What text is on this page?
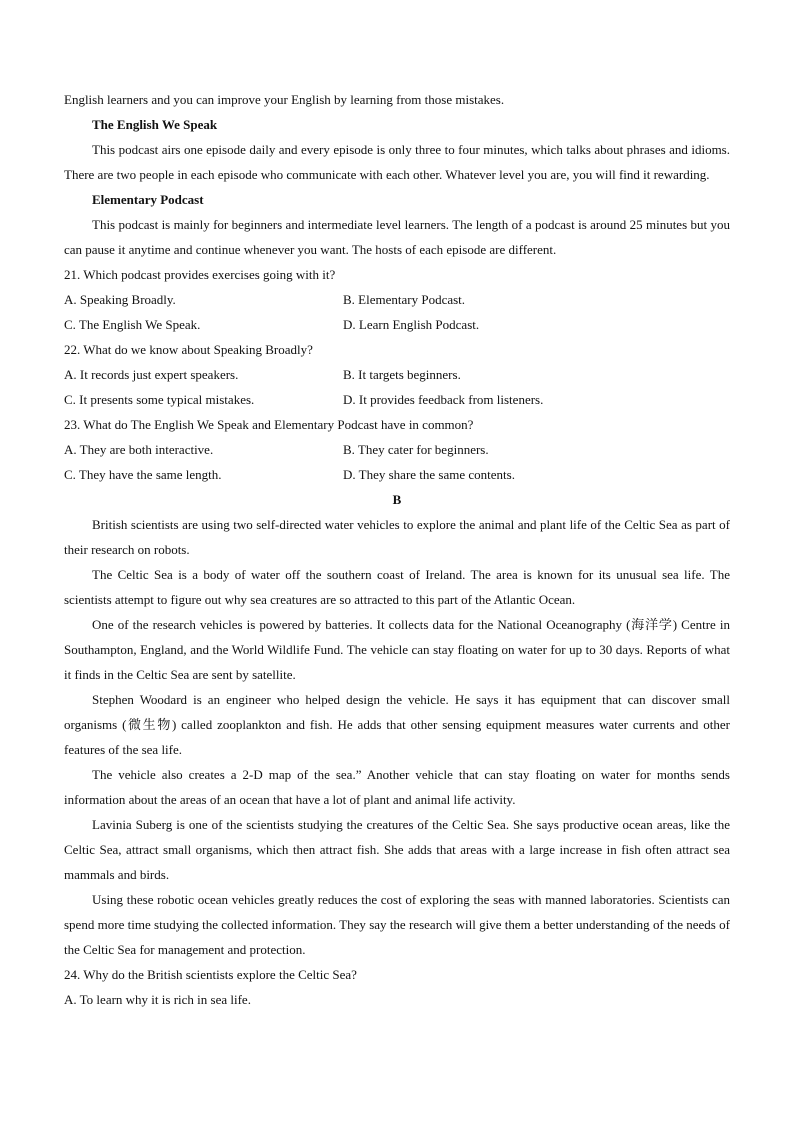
English learners and you can improve your English by learning from those mistakes.

The English We Speak

This podcast airs one episode daily and every episode is only three to four minutes, which talks about phrases and idioms. There are two people in each episode who communicate with each other. Whatever level you are, you will find it rewarding.

Elementary Podcast

This podcast is mainly for beginners and intermediate level learners. The length of a podcast is around 25 minutes but you can pause it anytime and continue whenever you want. The hosts of each episode are different.

21. Which podcast provides exercises going with it?

A. Speaking Broadly.	B. Elementary Podcast.
C. The English We Speak.	D. Learn English Podcast.

22. What do we know about Speaking Broadly?

A. It records just expert speakers.	B. It targets beginners.
C. It presents some typical mistakes.	D. It provides feedback from listeners.

23. What do The English We Speak and Elementary Podcast have in common?

A. They are both interactive.	B. They cater for beginners.
C. They have the same length.	D. They share the same contents.

B

British scientists are using two self-directed water vehicles to explore the animal and plant life of the Celtic Sea as part of their research on robots.

The Celtic Sea is a body of water off the southern coast of Ireland. The area is known for its unusual sea life. The scientists attempt to figure out why sea creatures are so attracted to this part of the Atlantic Ocean.

One of the research vehicles is powered by batteries. It collects data for the National Oceanography (海洋学) Centre in Southampton, England, and the World Wildlife Fund. The vehicle can stay floating on water for up to 30 days. Reports of what it finds in the Celtic Sea are sent by satellite.

Stephen Woodard is an engineer who helped design the vehicle. He says it has equipment that can discover small organisms (微生物) called zooplankton and fish. He adds that other sensing equipment measures water currents and other features of the sea life.

The vehicle also creates a 2-D map of the sea.” Another vehicle that can stay floating on water for months sends information about the areas of an ocean that have a lot of plant and animal life activity.

Lavinia Suberg is one of the scientists studying the creatures of the Celtic Sea. She says productive ocean areas, like the Celtic Sea, attract small organisms, which then attract fish. She adds that areas with a large increase in fish often attract sea mammals and birds.

Using these robotic ocean vehicles greatly reduces the cost of exploring the seas with manned laboratories. Scientists can spend more time studying the collected information. They say the research will give them a better understanding of the needs of the Celtic Sea for management and protection.

24. Why do the British scientists explore the Celtic Sea?

A. To learn why it is rich in sea life.
